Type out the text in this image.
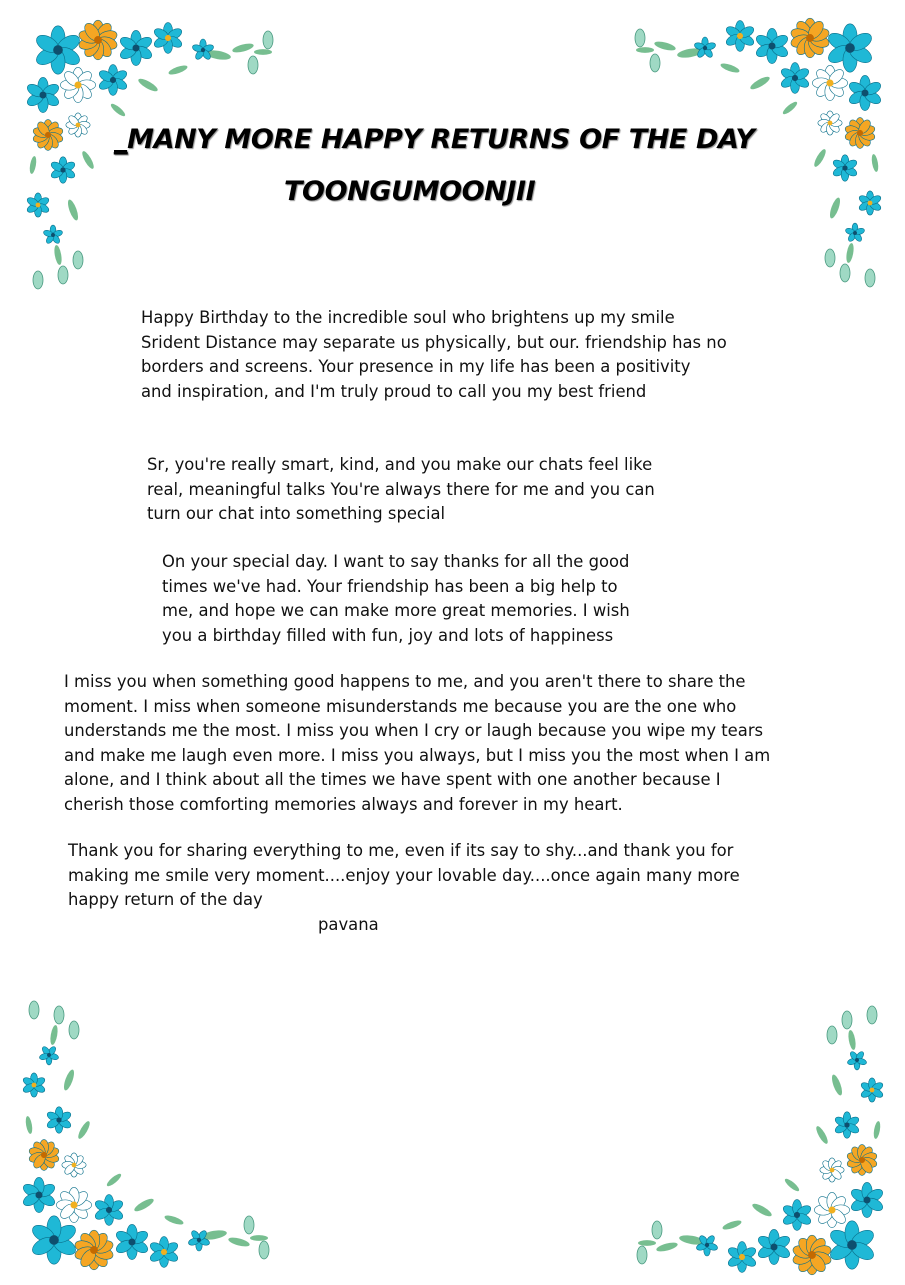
_MANY MORE HAPPY RETURNS OF THE DAY
TOONGUMOONJII

Happy Birthday to the incredible soul who brightens up my smile
Srident Distance may separate us physically, but our. friendship has no
borders and screens. Your presence in my life has been a positivity
and inspiration, and I'm truly proud to call you my best friend

Sr, you're really smart, kind, and you make our chats feel like
real, meaningful talks You're always there for me and you can
turn our chat into something special

On your special day. I want to say thanks for all the good
times we've had. Your friendship has been a big help to
me, and hope we can make more great memories. I wish
you a birthday filled with fun, joy and lots of happiness

I miss you when something good happens to me, and you aren't there to share the
moment. I miss when someone misunderstands me because you are the one who
understands me the most. I miss you when I cry or laugh because you wipe my tears
and make me laugh even more. I miss you always, but I miss you the most when I am
alone, and I think about all the times we have spent with one another because I
cherish those comforting memories always and forever in my heart.

Thank you for sharing everything to me, even if its say to shy...and thank you for
making me smile very moment....enjoy your lovable day....once again many more
happy return of the day

pavana
